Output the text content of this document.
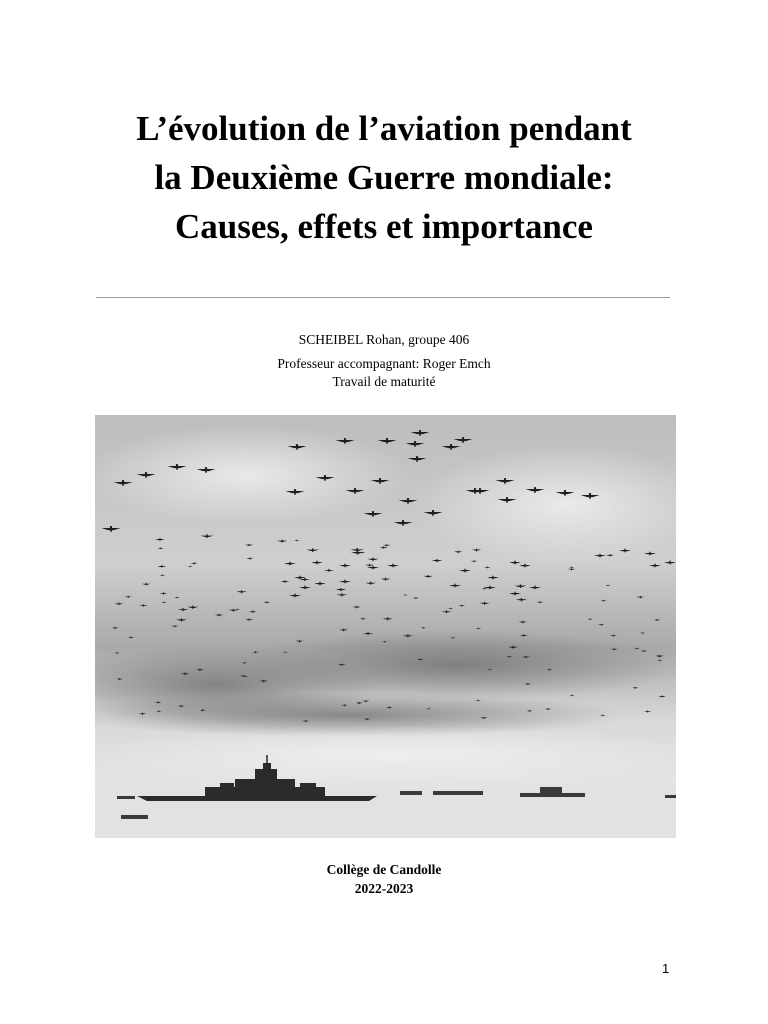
L’évolution de l’aviation pendant
la Deuxième Guerre mondiale:
Causes, effets et importance
SCHEIBEL Rohan, groupe 406
Professeur accompagnant: Roger Emch
Travail de maturité
Collège de Candolle
2022-2023
1
